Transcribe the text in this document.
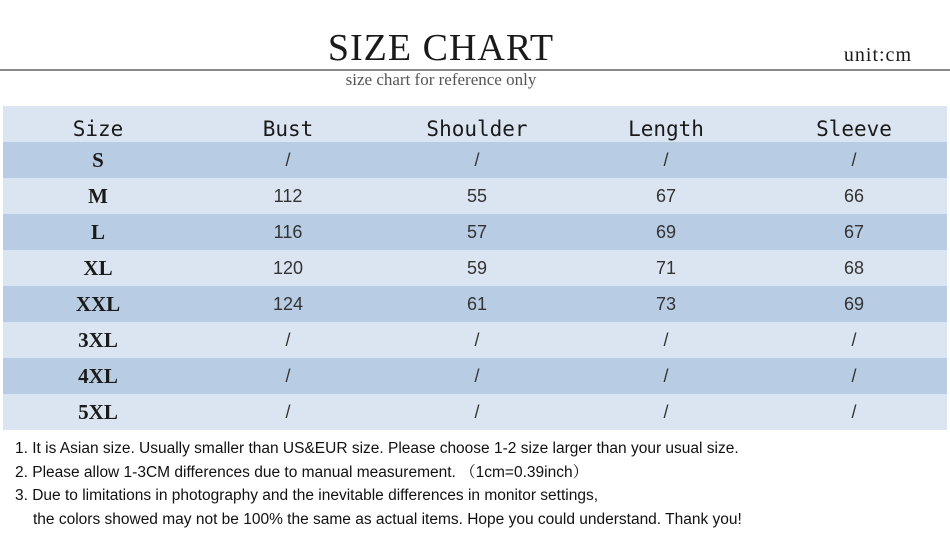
SIZE CHART	unit:cm
size chart for reference only
Size	Bust	Shoulder	Length	Sleeve
S	/	/	/	/
M	112	55	67	66
L	116	57	69	67
XL	120	59	71	68
XXL	124	61	73	69
3XL	/	/	/	/
4XL	/	/	/	/
5XL	/	/	/	/
1. It is Asian size. Usually smaller than US&EUR size. Please choose 1-2 size larger than your usual size.
2. Please allow 1-3CM differences due to manual measurement. （1cm=0.39inch）
3. Due to limitations in photography and the inevitable differences in monitor settings,
the colors showed may not be 100% the same as actual items. Hope you could understand. Thank you!
